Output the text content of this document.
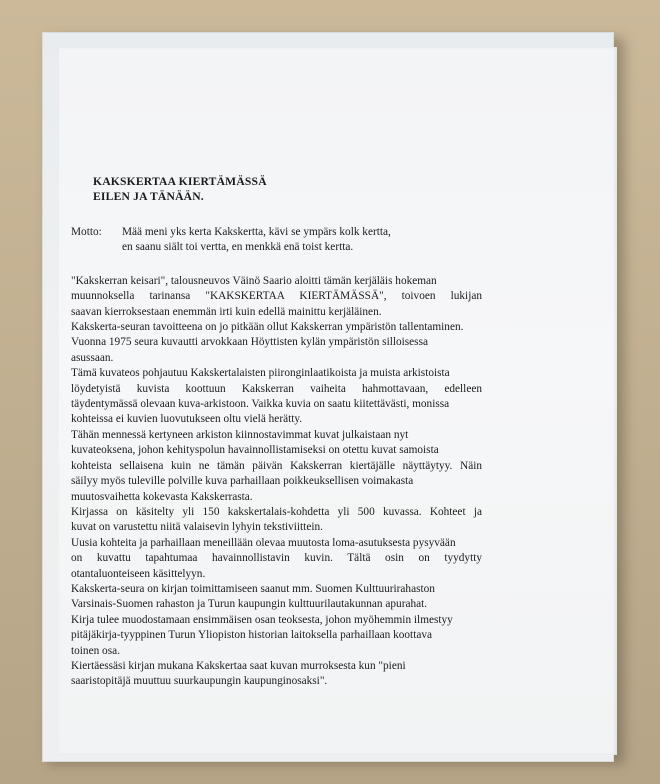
KAKSKERTAA KIERTÄMÄSSÄ
EILEN JA TÄNÄÄN.
Motto:	Mää meni yks kerta Kakskertta, kävi se ympärs kolk kertta,
en saanu siält toi vertta, en menkkä enä toist kertta.
"Kakskerran keisari", talousneuvos Väinö Saario aloitti tämän kerjäläis hokeman
muunnoksella tarinansa "KAKSKERTAA KIERTÄMÄSSÄ", toivoen lukijan
saavan kierroksestaan enemmän irti kuin edellä mainittu kerjäläinen.
Kakskerta-seuran tavoitteena on jo pitkään ollut Kakskerran ympäristön tallentaminen.
Vuonna 1975 seura kuvautti arvokkaan Höyttisten kylän ympäristön silloisessa
asussaan.
Tämä kuvateos pohjautuu Kakskertalaisten piironginlaatikoista ja muista arkistoista
löydetyistä kuvista koottuun Kakskerran vaiheita hahmottavaan, edelleen
täydentymässä olevaan kuva-arkistoon. Vaikka kuvia on saatu kiitettävästi, monissa
kohteissa ei kuvien luovutukseen oltu vielä herätty.
Tähän mennessä kertyneen arkiston kiinnostavimmat kuvat julkaistaan nyt
kuvateoksena, johon kehityspolun havainnollistamiseksi on otettu kuvat samoista
kohteista sellaisena kuin ne tämän päivän Kakskerran kiertäjälle näyttäytyy. Näin
säilyy myös tuleville polville kuva parhaillaan poikkeuksellisen voimakasta
muutosvaihetta kokevasta Kakskerrasta.
Kirjassa on käsitelty yli 150 kakskertalais-kohdetta yli 500 kuvassa. Kohteet ja
kuvat on varustettu niitä valaisevin lyhyin tekstiviittein.
Uusia kohteita ja parhaillaan meneillään olevaa muutosta loma-asutuksesta pysyvään
on kuvattu tapahtumaa havainnollistavin kuvin. Tältä osin on tyydytty
otantaluonteiseen käsittelyyn.
Kakskerta-seura on kirjan toimittamiseen saanut mm. Suomen Kulttuurirahaston
Varsinais-Suomen rahaston ja Turun kaupungin kulttuurilautakunnan apurahat.
Kirja tulee muodostamaan ensimmäisen osan teoksesta, johon myöhemmin ilmestyy
pitäjäkirja-tyyppinen Turun Yliopiston historian laitoksella parhaillaan koottava
toinen osa.
Kiertäessäsi kirjan mukana Kakskertaa saat kuvan murroksesta kun "pieni
saaristopitäjä muuttuu suurkaupungin kaupunginosaksi".
